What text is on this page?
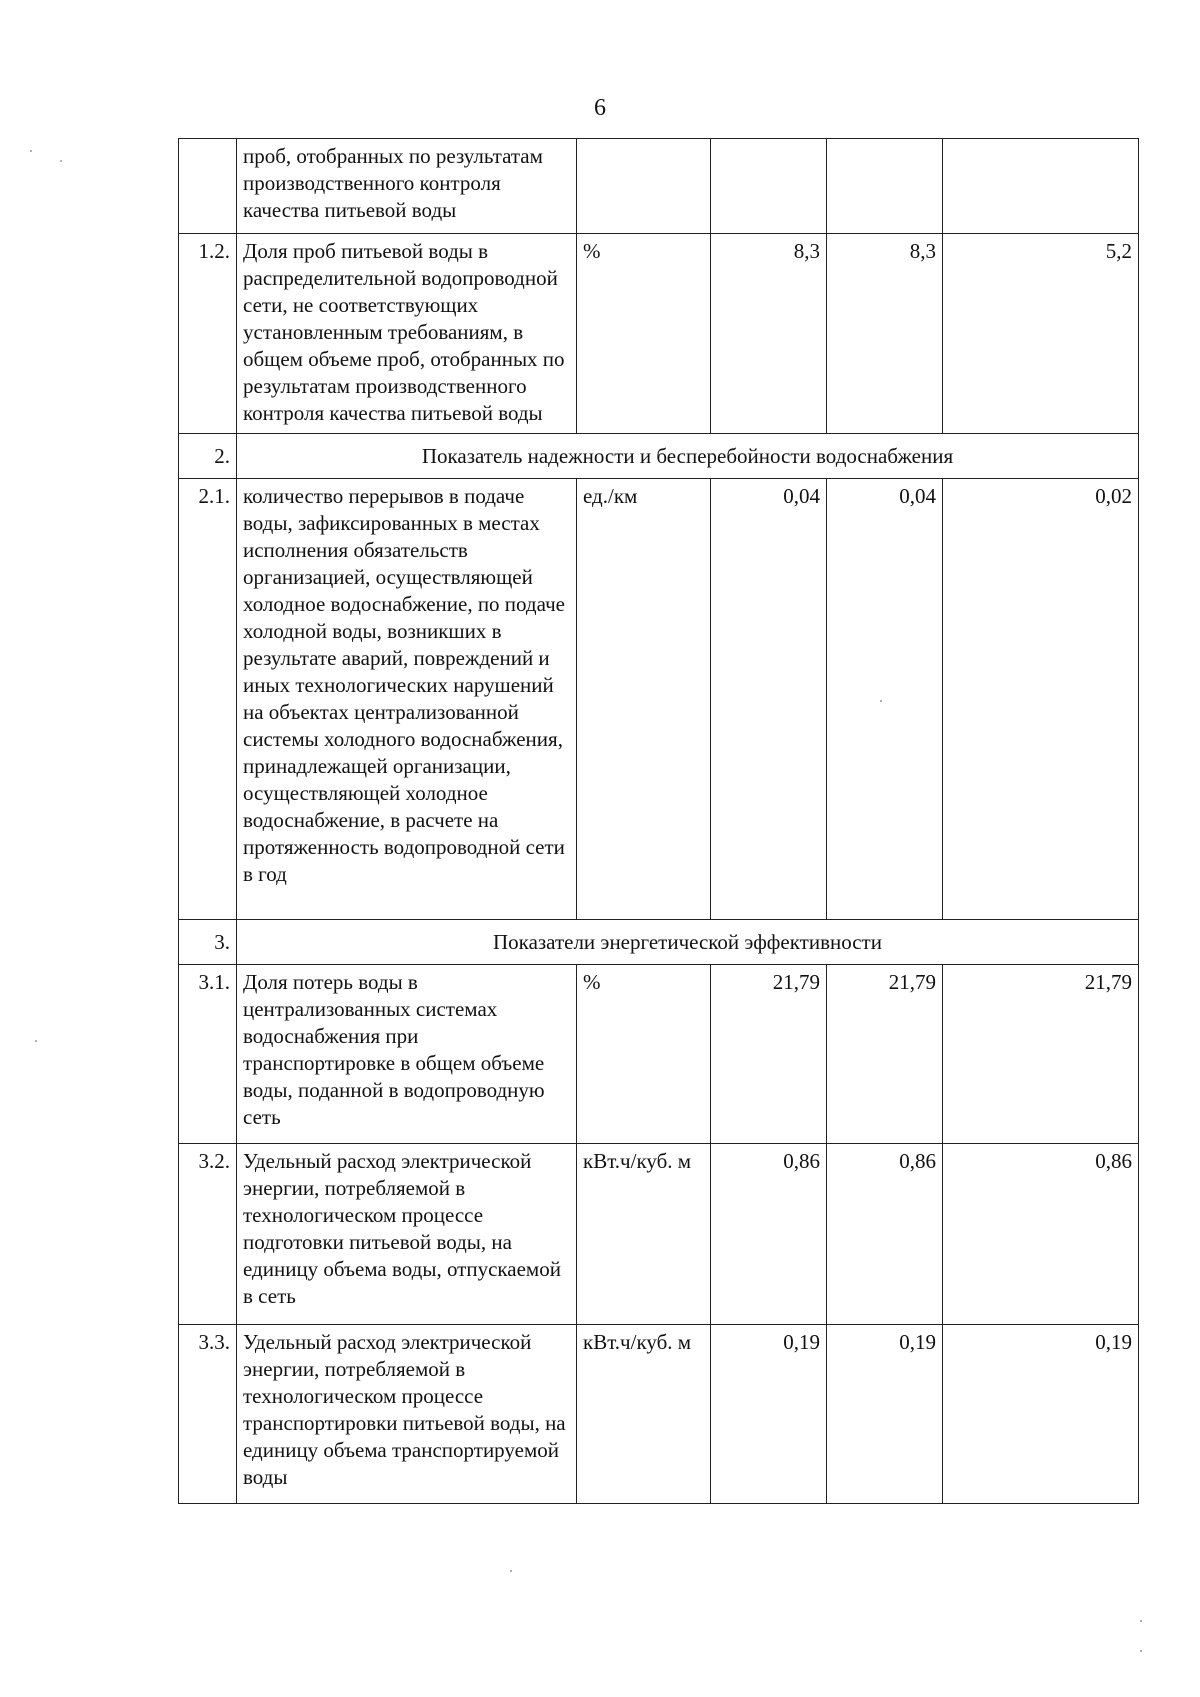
6
	проб, отобранных по результатам производственного контроля качества питьевой воды				
1.2.	Доля проб питьевой воды в распределительной водопроводной сети, не соответствующих установленным требованиям, в общем объеме проб, отобранных по результатам производственного контроля качества питьевой воды	%	8,3	8,3	5,2
2.	Показатель надежности и бесперебойности водоснабжения				
2.1.	количество перерывов в подаче воды, зафиксированных в местах исполнения обязательств организацией, осуществляющей холодное водоснабжение, по подаче холодной воды, возникших в результате аварий, повреждений и иных технологических нарушений на объектах централизованной системы холодного водоснабжения, принадлежащей организации, осуществляющей холодное водоснабжение, в расчете на протяженность водопроводной сети в год	ед./км	0,04	0,04	0,02
3.	Показатели энергетической эффективности				
3.1.	Доля потерь воды в централизованных системах водоснабжения при транспортировке в общем объеме воды, поданной в водопроводную сеть	%	21,79	21,79	21,79
3.2.	Удельный расход электрической энергии, потребляемой в технологическом процессе подготовки питьевой воды, на единицу объема воды, отпускаемой в сеть	кВт.ч/куб. м	0,86	0,86	0,86
3.3.	Удельный расход электрической энергии, потребляемой в технологическом процессе транспортировки питьевой воды, на единицу объема транспортируемой воды	кВт.ч/куб. м	0,19	0,19	0,19
